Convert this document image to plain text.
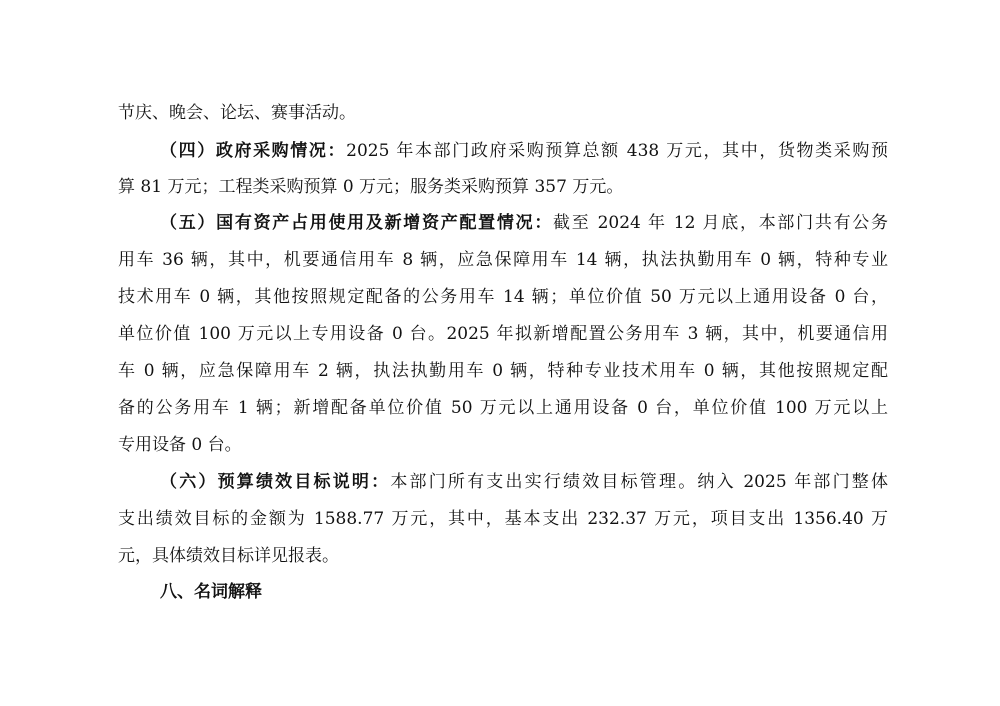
节庆、晚会、论坛、赛事活动。
（四）政府采购情况：2025 年本部门政府采购预算总额 438 万元，其中，货物类采购预
算 81 万元；工程类采购预算 0 万元；服务类采购预算 357 万元。
（五）国有资产占用使用及新增资产配置情况：截至 2024 年 12 月底，本部门共有公务
用车 36 辆，其中，机要通信用车 8 辆，应急保障用车 14 辆，执法执勤用车 0 辆，特种专业
技术用车 0 辆，其他按照规定配备的公务用车 14 辆；单位价值 50 万元以上通用设备 0 台，
单位价值 100 万元以上专用设备 0 台。2025 年拟新增配置公务用车 3 辆，其中，机要通信用
车 0 辆，应急保障用车 2 辆，执法执勤用车 0 辆，特种专业技术用车 0 辆，其他按照规定配
备的公务用车 1 辆；新增配备单位价值 50 万元以上通用设备 0 台，单位价值 100 万元以上
专用设备 0 台。
（六）预算绩效目标说明：本部门所有支出实行绩效目标管理。纳入 2025 年部门整体
支出绩效目标的金额为 1588.77 万元，其中，基本支出 232.37 万元，项目支出 1356.40 万
元，具体绩效目标详见报表。
八、名词解释
